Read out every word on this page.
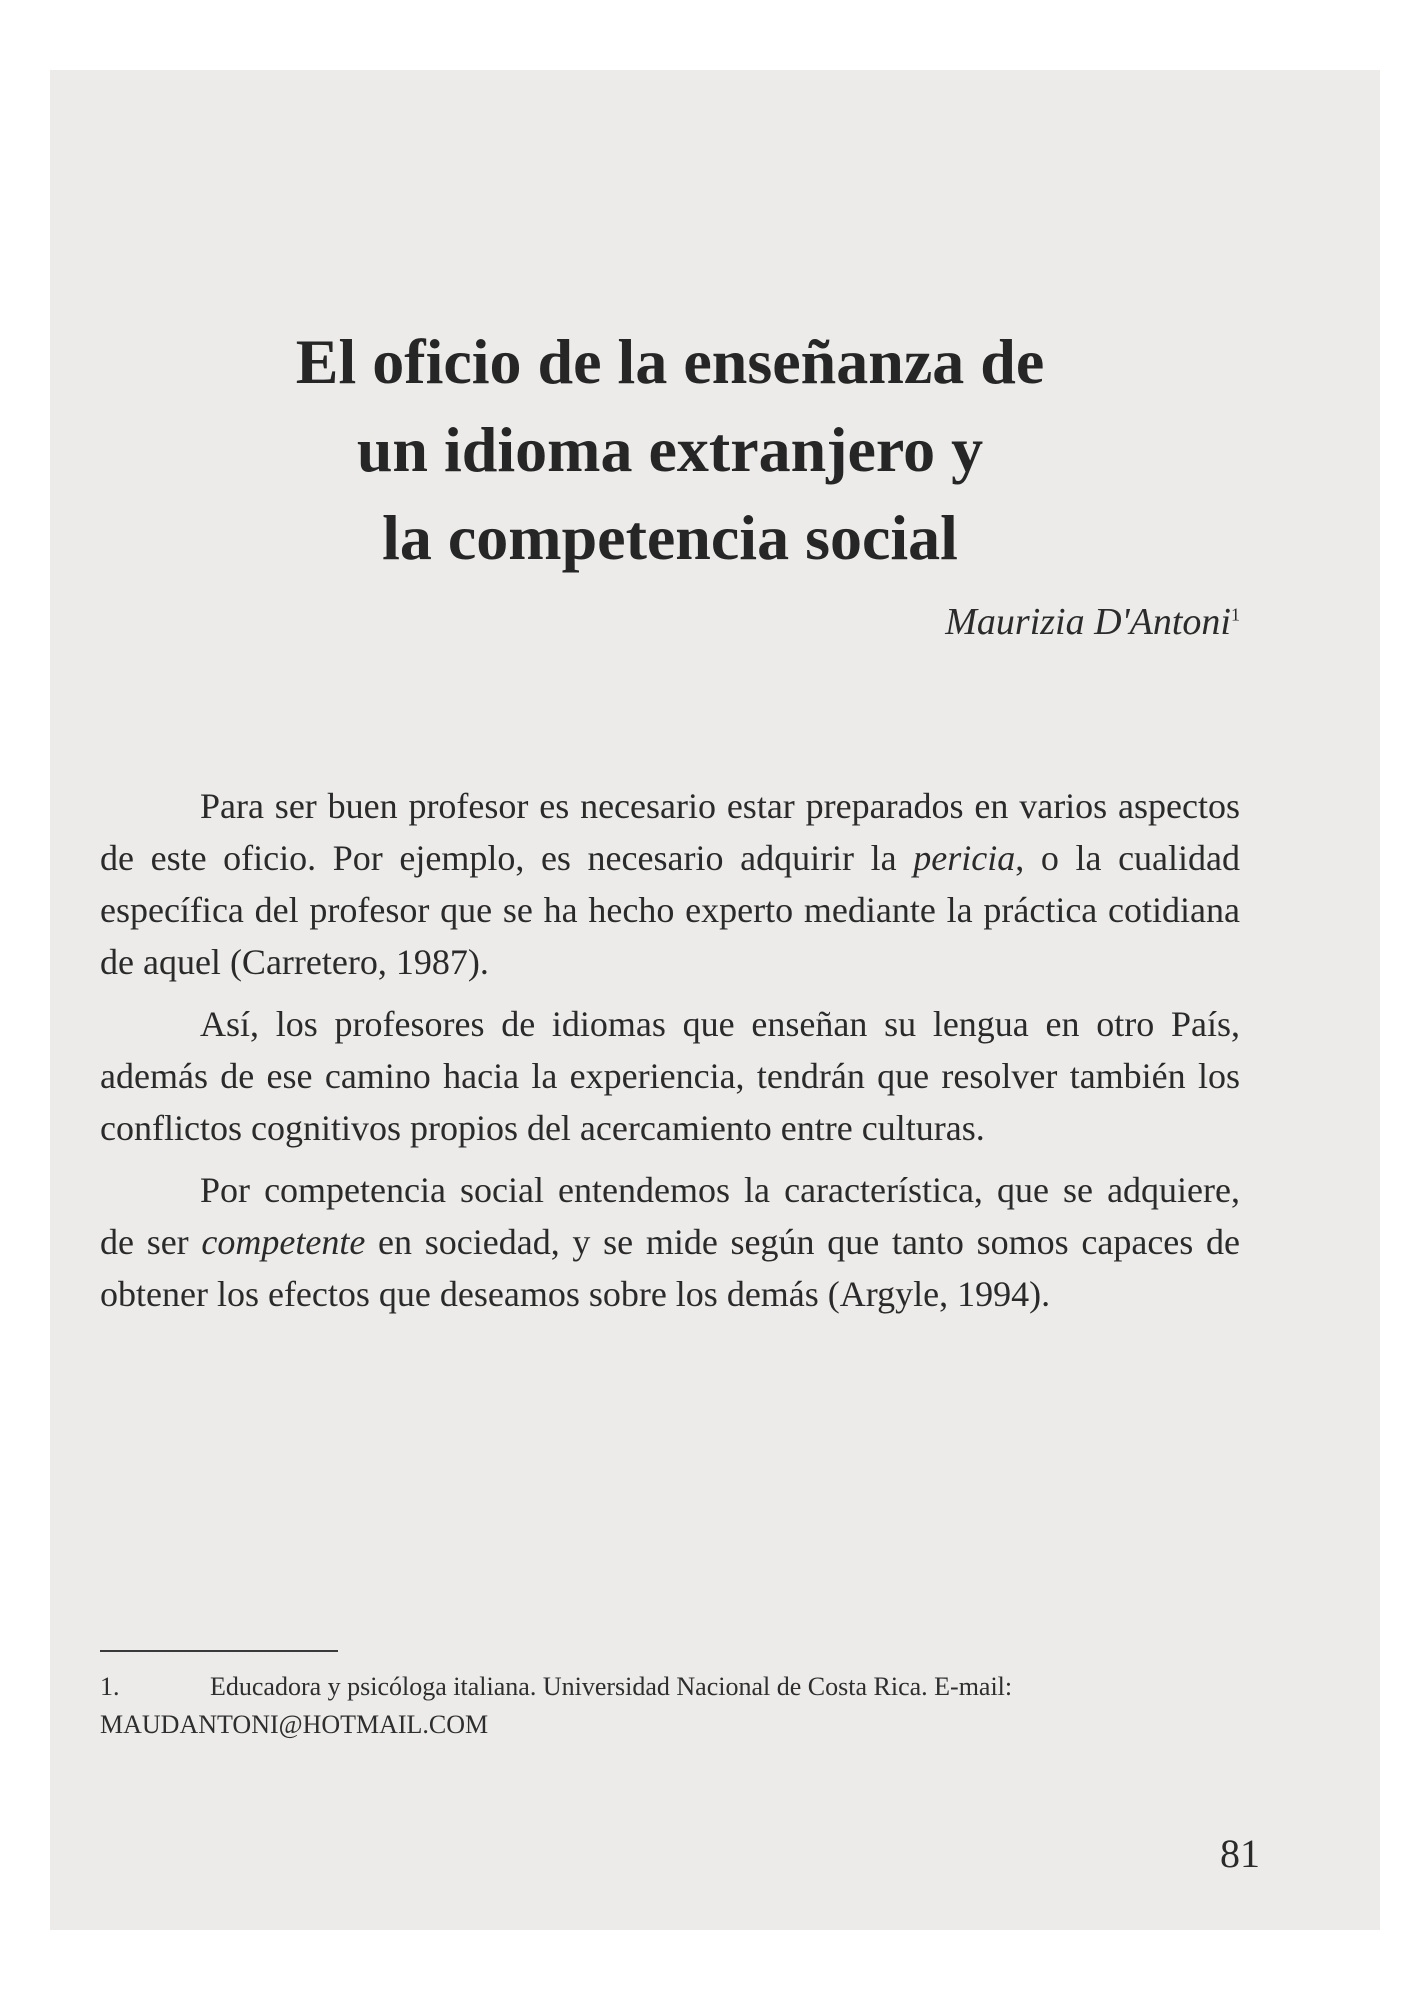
El oficio de la enseñanza de
un idioma extranjero y
la competencia social
Maurizia D'Antoni$^1$

Para ser buen profesor es necesario estar preparados en varios aspectos de este oficio. Por ejemplo, es necesario adquirir la pericia, o la cualidad específica del profesor que se ha hecho experto mediante la práctica cotidiana de aquel (Carretero, 1987).

Así, los profesores de idiomas que enseñan su lengua en otro País, además de ese camino hacia la experiencia, tendrán que resolver también los conflictos cognitivos propios del acercamiento entre culturas.

Por competencia social entendemos la característica, que se adquiere, de ser competente en sociedad, y se mide según que tanto somos capaces de obtener los efectos que deseamos sobre los demás (Argyle, 1994).

1.	Educadora y psicóloga italiana. Universidad Nacional de Costa Rica. E-mail: MAUDANTONI@HOTMAIL.COM
81
